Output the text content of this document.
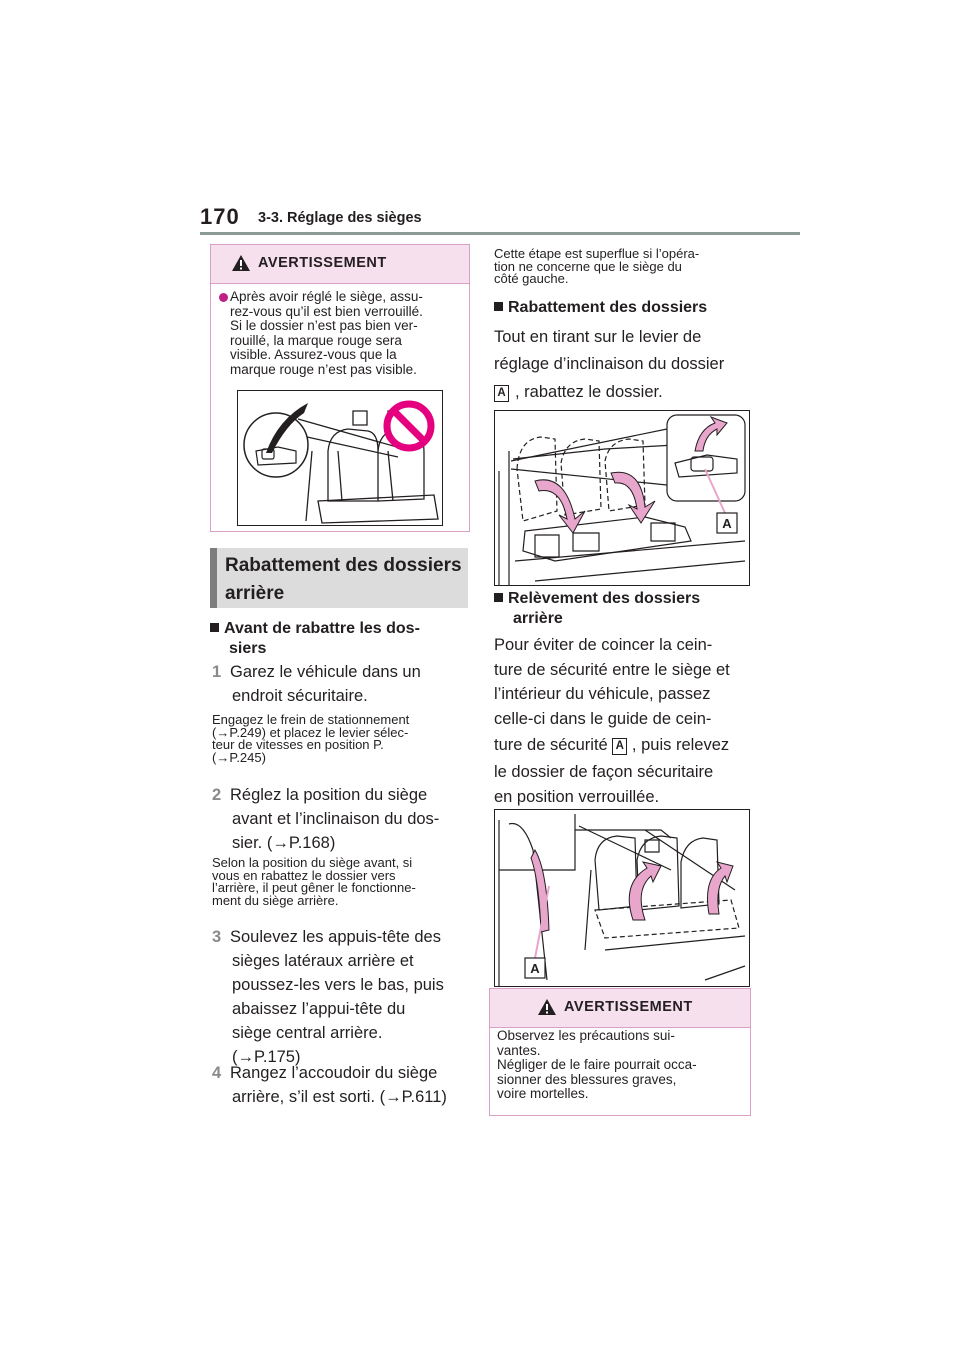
170 3-3. Réglage des sièges
AVERTISSEMENT
Après avoir réglé le siège, assu-
rez-vous qu’il est bien verrouillé.
Si le dossier n’est pas bien ver-
rouillé, la marque rouge sera
visible. Assurez-vous que la
marque rouge n’est pas visible.
Rabattement des dossiers
arrière
Avant de rabattre les dos-
siers
1 Garez le véhicule dans un
endroit sécuritaire.
Engagez le frein de stationnement
(→P.249) et placez le levier sélec-
teur de vitesses en position P.
(→P.245)
2 Réglez la position du siège
avant et l’inclinaison du dos-
sier. (→P.168)
Selon la position du siège avant, si
vous en rabattez le dossier vers
l’arrière, il peut gêner le fonctionne-
ment du siège arrière.
3 Soulevez les appuis-tête des
sièges latéraux arrière et
poussez-les vers le bas, puis
abaissez l’appui-tête du
siège central arrière.
(→P.175)
4 Rangez l’accoudoir du siège
arrière, s’il est sorti. (→P.611)
Cette étape est superflue si l’opéra-
tion ne concerne que le siège du
côté gauche.
Rabattement des dossiers
Tout en tirant sur le levier de
réglage d’inclinaison du dossier
A , rabattez le dossier.
A
Relèvement des dossiers
arrière
Pour éviter de coincer la cein-
ture de sécurité entre le siège et
l’intérieur du véhicule, passez
celle-ci dans le guide de cein-
ture de sécurité A , puis relevez
le dossier de façon sécuritaire
en position verrouillée.
A
AVERTISSEMENT
Observez les précautions sui-
vantes.
Négliger de le faire pourrait occa-
sionner des blessures graves,
voire mortelles.
